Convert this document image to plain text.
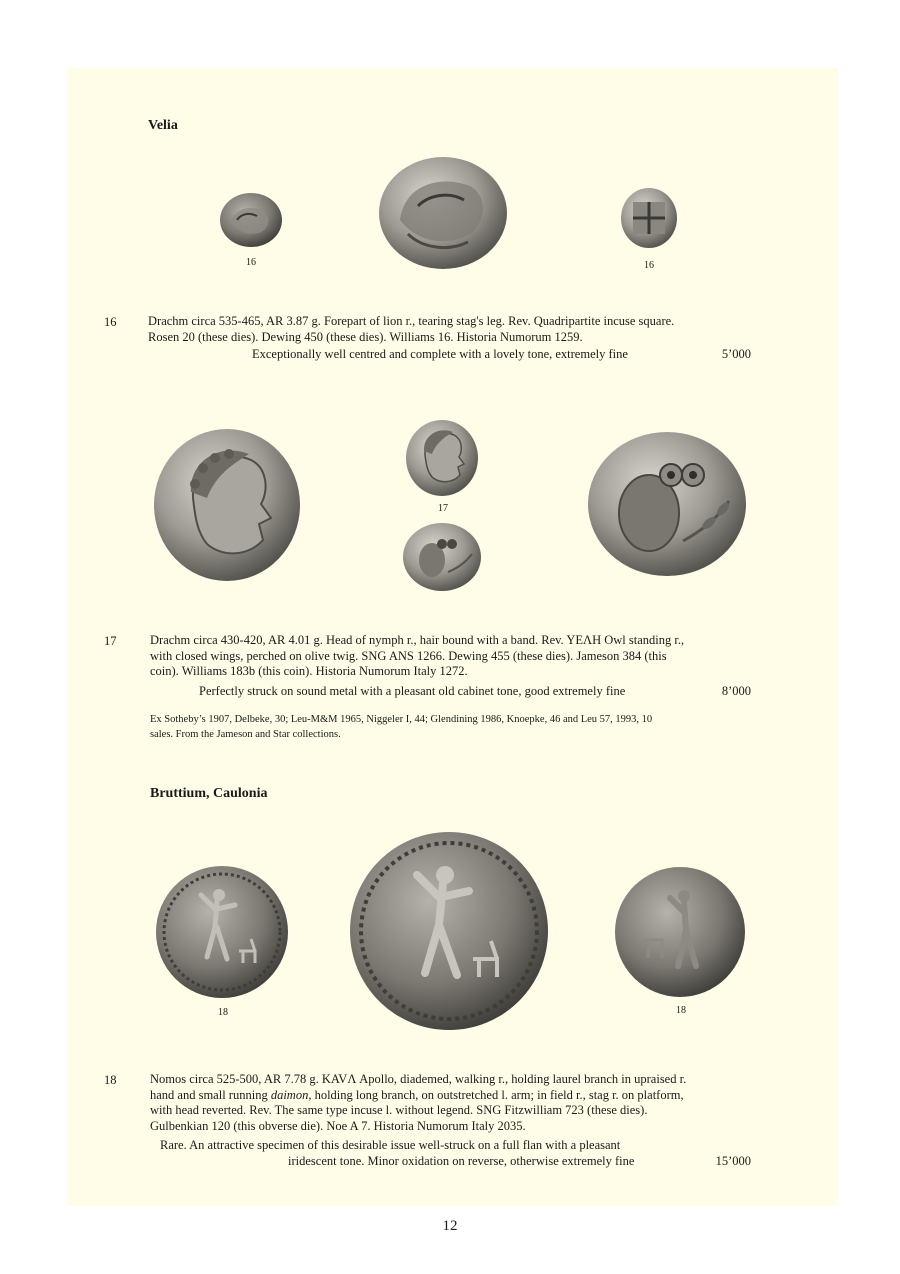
Velia
16	16
16	Drachm circa 535-465, AR 3.87 g. Forepart of lion r., tearing stag's leg. Rev. Quadripartite incuse square.
Rosen 20 (these dies). Dewing 450 (these dies). Williams 16. Historia Numorum 1259.
Exceptionally well centred and complete with a lovely tone, extremely fine	5’000
17
17	Drachm circa 430-420, AR 4.01 g. Head of nymph r., hair bound with a band. Rev. YEΛH Owl standing r.,
with closed wings, perched on olive twig. SNG ANS 1266. Dewing 455 (these dies). Jameson 384 (this
coin). Williams 183b (this coin). Historia Numorum Italy 1272.
Perfectly struck on sound metal with a pleasant old cabinet tone, good extremely fine	8’000
Ex Sotheby’s 1907, Delbeke, 30; Leu-M&M 1965, Niggeler I, 44; Glendining 1986, Knoepke, 46 and Leu 57, 1993, 10
sales. From the Jameson and Star collections.
Bruttium, Caulonia
18	18
18	Nomos circa 525-500, AR 7.78 g. KAVΛ Apollo, diademed, walking r., holding laurel branch in upraised r.
hand and small running daimon, holding long branch, on outstretched l. arm; in field r., stag r. on platform,
with head reverted. Rev. The same type incuse l. without legend. SNG Fitzwilliam 723 (these dies).
Gulbenkian 120 (this obverse die). Noe A 7. Historia Numorum Italy 2035.
Rare. An attractive specimen of this desirable issue well-struck on a full flan with a pleasant
iridescent tone. Minor oxidation on reverse, otherwise extremely fine	15’000
12
